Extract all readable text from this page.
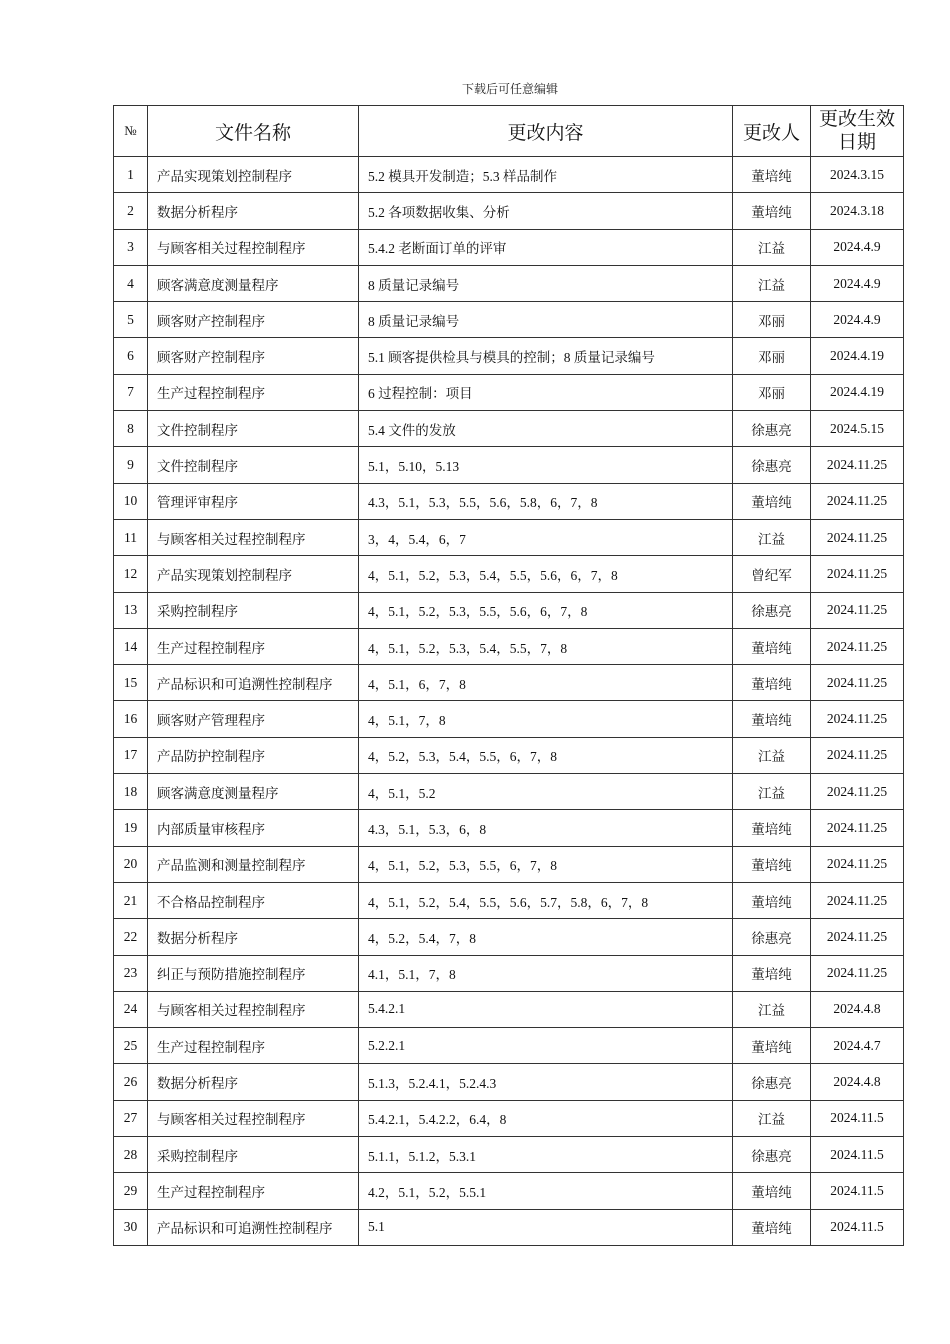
下载后可任意编辑
№	文件名称	更改内容	更改人	更改生效日期
1	产品实现策划控制程序	5.2 模具开发制造；5.3 样品制作	董培纯	2024.3.15
2	数据分析程序	5.2 各项数据收集、分析	董培纯	2024.3.18
3	与顾客相关过程控制程序	5.4.2 老断面订单的评审	江益	2024.4.9
4	顾客满意度测量程序	8 质量记录编号	江益	2024.4.9
5	顾客财产控制程序	8 质量记录编号	邓丽	2024.4.9
6	顾客财产控制程序	5.1 顾客提供检具与模具的控制；8 质量记录编号	邓丽	2024.4.19
7	生产过程控制程序	6 过程控制：项目	邓丽	2024.4.19
8	文件控制程序	5.4 文件的发放	徐惠亮	2024.5.15
9	文件控制程序	5.1，5.10，5.13	徐惠亮	2024.11.25
10	管理评审程序	4.3，5.1，5.3，5.5，5.6，5.8，6，7，8	董培纯	2024.11.25
11	与顾客相关过程控制程序	3，4，5.4，6，7	江益	2024.11.25
12	产品实现策划控制程序	4，5.1，5.2，5.3，5.4，5.5，5.6，6，7，8	曾纪军	2024.11.25
13	采购控制程序	4，5.1，5.2，5.3，5.5，5.6，6，7，8	徐惠亮	2024.11.25
14	生产过程控制程序	4，5.1，5.2，5.3，5.4，5.5，7，8	董培纯	2024.11.25
15	产品标识和可追溯性控制程序	4，5.1，6，7，8	董培纯	2024.11.25
16	顾客财产管理程序	4，5.1，7，8	董培纯	2024.11.25
17	产品防护控制程序	4，5.2，5.3，5.4，5.5，6，7，8	江益	2024.11.25
18	顾客满意度测量程序	4，5.1，5.2	江益	2024.11.25
19	内部质量审核程序	4.3，5.1，5.3，6，8	董培纯	2024.11.25
20	产品监测和测量控制程序	4，5.1，5.2，5.3，5.5，6，7，8	董培纯	2024.11.25
21	不合格品控制程序	4，5.1，5.2，5.4，5.5，5.6，5.7，5.8，6，7，8	董培纯	2024.11.25
22	数据分析程序	4，5.2，5.4，7，8	徐惠亮	2024.11.25
23	纠正与预防措施控制程序	4.1，5.1，7，8	董培纯	2024.11.25
24	与顾客相关过程控制程序	5.4.2.1	江益	2024.4.8
25	生产过程控制程序	5.2.2.1	董培纯	2024.4.7
26	数据分析程序	5.1.3，5.2.4.1，5.2.4.3	徐惠亮	2024.4.8
27	与顾客相关过程控制程序	5.4.2.1，5.4.2.2，6.4，8	江益	2024.11.5
28	采购控制程序	5.1.1，5.1.2，5.3.1	徐惠亮	2024.11.5
29	生产过程控制程序	4.2，5.1，5.2，5.5.1	董培纯	2024.11.5
30	产品标识和可追溯性控制程序	5.1	董培纯	2024.11.5
